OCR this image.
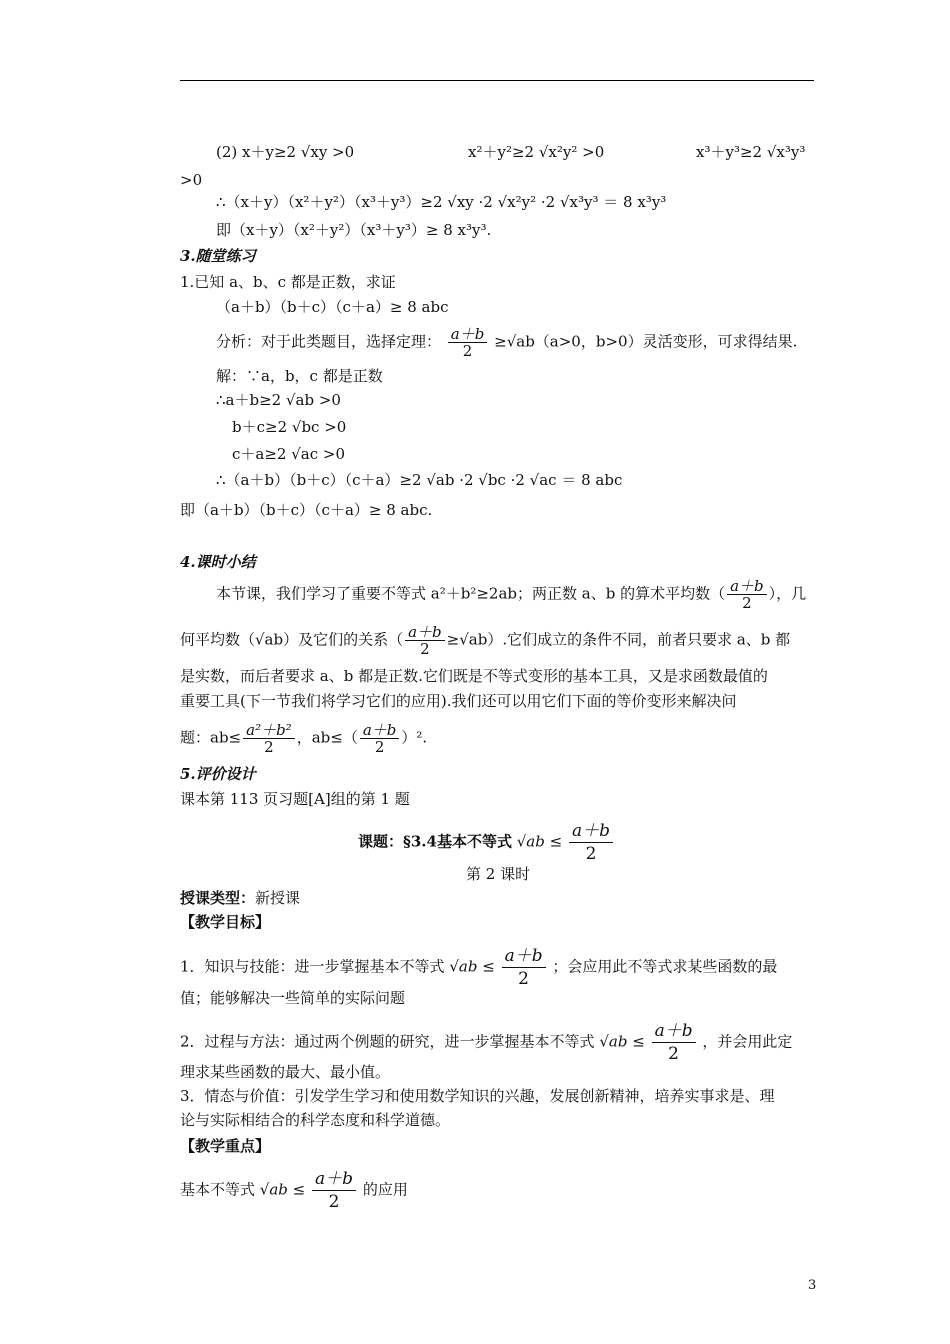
(2) x＋y≥2 √xy >0	x²＋y²≥2 √x²y² >0	x³＋y³≥2 √x³y³
>0
∴（x＋y）（x²＋y²）（x³＋y³）≥2 √xy ·2 √x²y² ·2 √x³y³ ＝ 8 x³y³
即（x＋y）（x²＋y²）（x³＋y³）≥ 8 x³y³.
3.随堂练习
1.已知 a、b、c 都是正数，求证
（a＋b）（b＋c）（c＋a）≥ 8 abc
分析：对于此类题目，选择定理： $\frac{a+b}{2} \ge√ab(a>0$，b>0）灵活变形，可求得结果.
解：∵a，b，c 都是正数
∴a＋b≥2 √ab >0
b＋c≥2 √bc >0
c＋a≥2 √ac >0
∴（a＋b）（b＋c）（c＋a）≥2 √ab ·2 √bc ·2 √ac ＝ 8 abc
即（a＋b）（b＋c）（c＋a）≥ 8 abc.
4.课时小结
本节课，我们学习了重要不等式 a²＋b²≥2ab；两正数 a、b 的算术平均数（ $\frac{a+b}{2}$ ），几
何平均数（√ab）及它们的关系（ $\frac{a+b}{2} \ge√ab$）.它们成立的条件不同，前者只要求 a、b 都
是实数，而后者要求 a、b 都是正数.它们既是不等式变形的基本工具，又是求函数最值的
重要工具(下一节我们将学习它们的应用).我们还可以用它们下面的等价变形来解决问
题：$ab\le \frac{\text{a²＋b²}}{2}$ ，$ab\le( \frac{a+b}{2} )^2$.
5.评价设计
课本第 113 页习题[A]组的第 1 题
课题：§3.4基本不等式 $√ab \le \frac{a+b}{2}$
第 2 课时
授课类型：新授课
【教学目标】
1．知识与技能：进一步掌握基本不等式 $√ab \le \frac{a+b}{2}$ ；会应用此不等式求某些函数的最
值；能够解决一些简单的实际问题
2．过程与方法：通过两个例题的研究，进一步掌握基本不等式 $√ab \le \frac{a+b}{2}$ ，并会用此定
理求某些函数的最大、最小值。
3．情态与价值：引发学生学习和使用数学知识的兴趣，发展创新精神，培养实事求是、理
论与实际相结合的科学态度和科学道德。
【教学重点】
基本不等式 $√ab \le \frac{a+b}{2}$ 的应用
3
